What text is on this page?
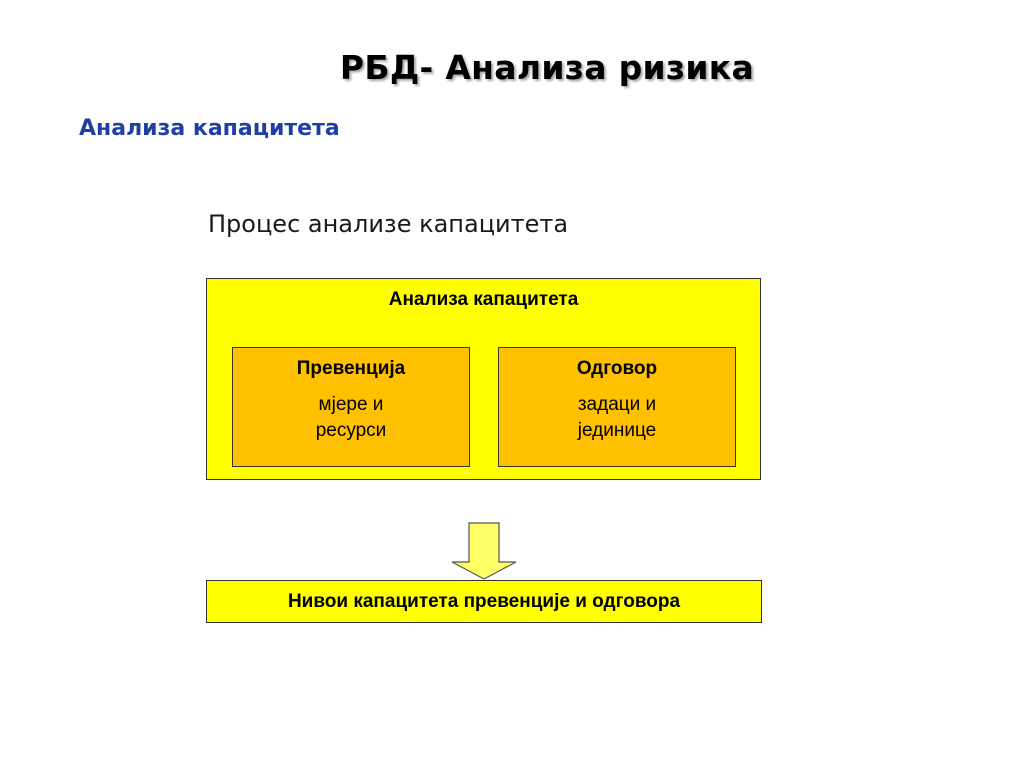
РБД- Анализа ризика
Анализа капацитета
Процес анализе капацитета
Анализа капацитета
Превенција
мјере и
ресурси
Одговор
задаци и
јединице
Нивои капацитета превенције и одговора
